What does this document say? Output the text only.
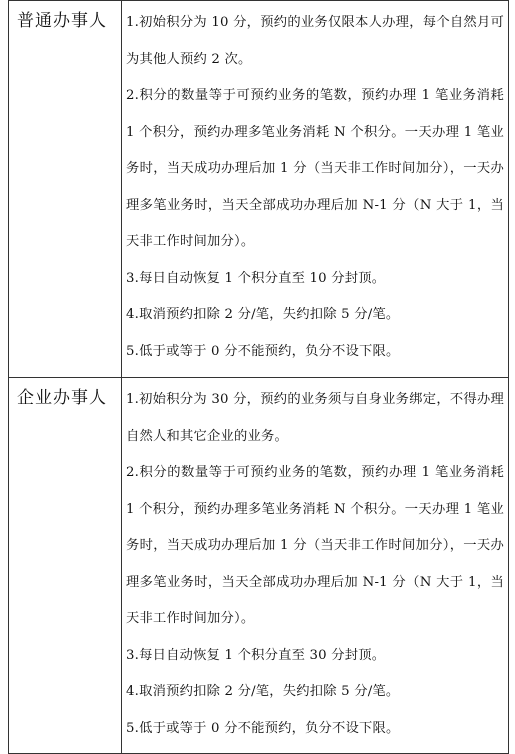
普通办事人	1.初始积分为 10 分，预约的业务仅限本人办理，每个自然月可为其他人预约 2 次。

2.积分的数量等于可预约业务的笔数，预约办理 1 笔业务消耗 1 个积分，预约办理多笔业务消耗 N 个积分。一天办理 1 笔业务时，当天成功办理后加 1 分（当天非工作时间加分），一天办理多笔业务时，当天全部成功办理后加 N-1 分（N 大于 1，当天非工作时间加分）。

3.每日自动恢复 1 个积分直至 10 分封顶。

4.取消预约扣除 2 分/笔，失约扣除 5 分/笔。

5.低于或等于 0 分不能预约，负分不设下限。

企业办事人	1.初始积分为 30 分，预约的业务须与自身业务绑定，不得办理自然人和其它企业的业务。

2.积分的数量等于可预约业务的笔数，预约办理 1 笔业务消耗 1 个积分，预约办理多笔业务消耗 N 个积分。一天办理 1 笔业务时，当天成功办理后加 1 分（当天非工作时间加分），一天办理多笔业务时，当天全部成功办理后加 N-1 分（N 大于 1，当天非工作时间加分）。

3.每日自动恢复 1 个积分直至 30 分封顶。

4.取消预约扣除 2 分/笔，失约扣除 5 分/笔。

5.低于或等于 0 分不能预约，负分不设下限。
